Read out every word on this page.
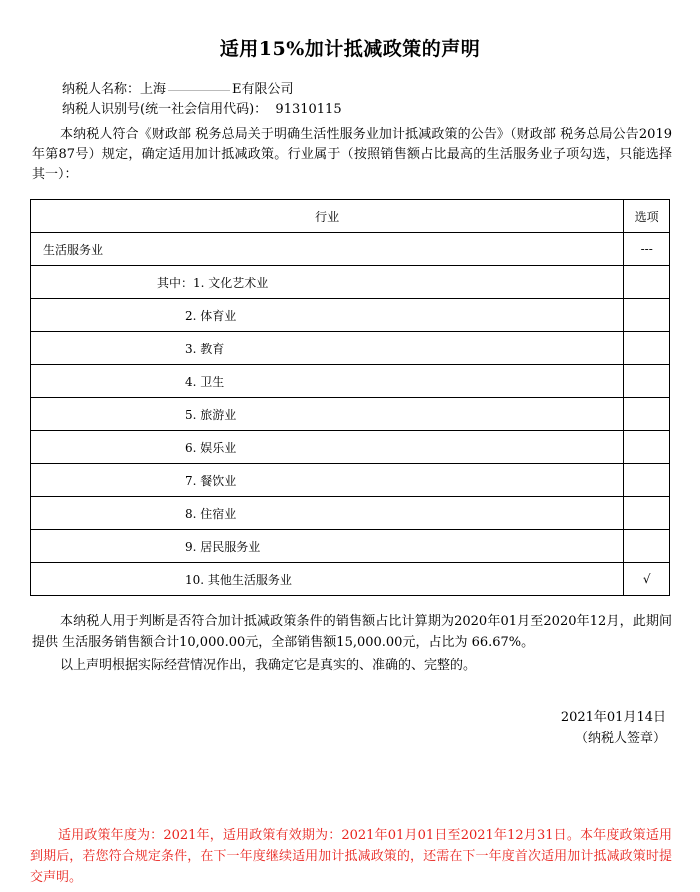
适用15%加计抵减政策的声明
纳税人名称：上海	E有限公司
纳税人识别号(统一社会信用代码)： 91310115
本纳税人符合《财政部 税务总局关于明确生活性服务业加计抵减政策的公告》（财政部 税务总局公告2019年第87号）规定，确定适用加计抵减政策。行业属于（按照销售额占比最高的生活服务业子项勾选，只能选择其一）：
行业	选项
生活服务业	---
其中：1. 文化艺术业	
2. 体育业	
3. 教育	
4. 卫生	
5. 旅游业	
6. 娱乐业	
7. 餐饮业	
8. 住宿业	
9. 居民服务业	
10. 其他生活服务业	√
本纳税人用于判断是否符合加计抵减政策条件的销售额占比计算期为2020年01月至2020年12月，此期间提供 生活服务销售额合计10,000.00元，全部销售额15,000.00元，占比为 66.67%。
以上声明根据实际经营情况作出，我确定它是真实的、准确的、完整的。
2021年01月14日
（纳税人签章）
适用政策年度为：2021年，适用政策有效期为：2021年01月01日至2021年12月31日。本年度政策适用到期后，若您符合规定条件，在下一年度继续适用加计抵减政策的，还需在下一年度首次适用加计抵减政策时提交声明。
